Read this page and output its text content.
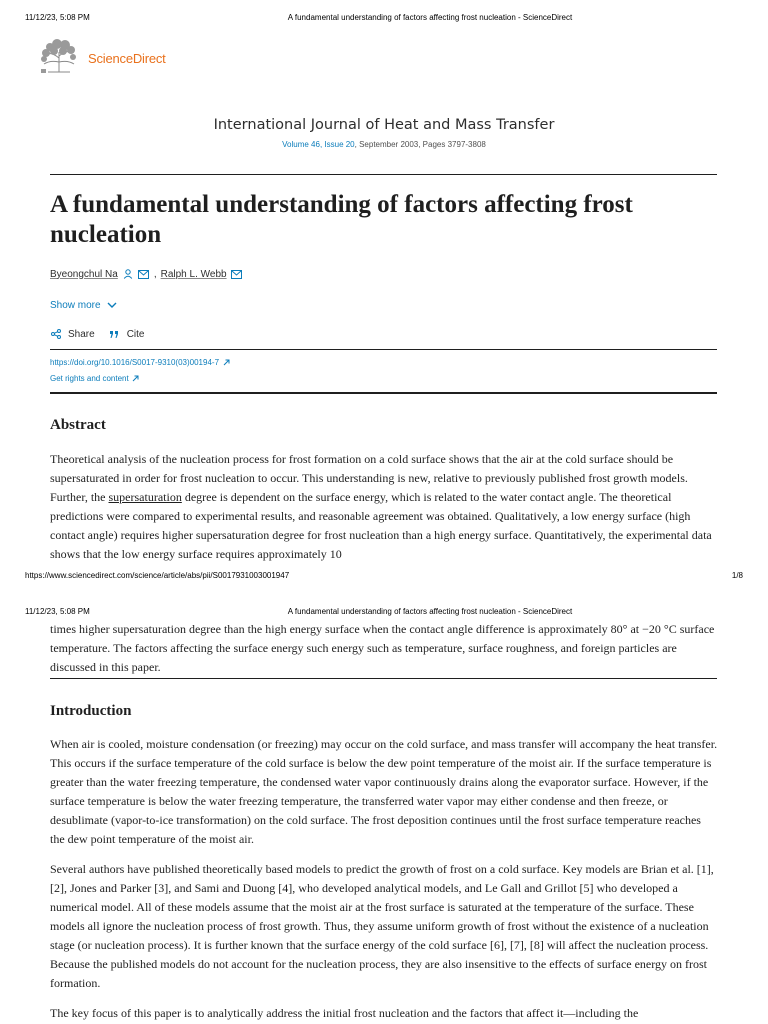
11/12/23, 5:08 PM	A fundamental understanding of factors affecting frost nucleation - ScienceDirect
ScienceDirect
International Journal of Heat and Mass Transfer
Volume 46, Issue 20, September 2003, Pages 3797-3808
A fundamental understanding of factors affecting frost nucleation
Byeongchul Na	, Ralph L. Webb
Show more
Share	Cite
https://doi.org/10.1016/S0017-9310(03)00194-7
Get rights and content
Abstract

Theoretical analysis of the nucleation process for frost formation on a cold surface shows that the air at the cold surface should be supersaturated in order for frost nucleation to occur. This understanding is new, relative to previously published frost growth models. Further, the supersaturation degree is dependent on the surface energy, which is related to the water contact angle. The theoretical predictions were compared to experimental results, and reasonable agreement was obtained. Qualitatively, a low energy surface (high contact angle) requires higher supersaturation degree for frost nucleation than a high energy surface. Quantitatively, the experimental data shows that the low energy surface requires approximately 10

https://www.sciencedirect.com/science/article/abs/pii/S0017931003001947	1/8
11/12/23, 5:08 PM	A fundamental understanding of factors affecting frost nucleation - ScienceDirect

times higher supersaturation degree than the high energy surface when the contact angle difference is approximately 80° at −20 °C surface temperature. The factors affecting the surface energy such energy such as temperature, surface roughness, and foreign particles are discussed in this paper.

Introduction

When air is cooled, moisture condensation (or freezing) may occur on the cold surface, and mass transfer will accompany the heat transfer. This occurs if the surface temperature of the cold surface is below the dew point temperature of the moist air. If the surface temperature is greater than the water freezing temperature, the condensed water vapor continuously drains along the evaporator surface. However, if the surface temperature is below the water freezing temperature, the transferred water vapor may either condense and then freeze, or desublimate (vapor-to-ice transformation) on the cold surface. The frost deposition continues until the frost surface temperature reaches the dew point temperature of the moist air.

Several authors have published theoretically based models to predict the growth of frost on a cold surface. Key models are Brian et al. [1], [2], Jones and Parker [3], and Sami and Duong [4], who developed analytical models, and Le Gall and Grillot [5] who developed a numerical model. All of these models assume that the moist air at the frost surface is saturated at the temperature of the surface. These models all ignore the nucleation process of frost growth. Thus, they assume uniform growth of frost without the existence of a nucleation stage (or nucleation process). It is further known that the surface energy of the cold surface [6], [7], [8] will affect the nucleation process. Because the published models do not account for the nucleation process, they are also insensitive to the effects of surface energy on frost formation.

The key focus of this paper is to analytically address the initial frost nucleation and the factors that affect it—including the
